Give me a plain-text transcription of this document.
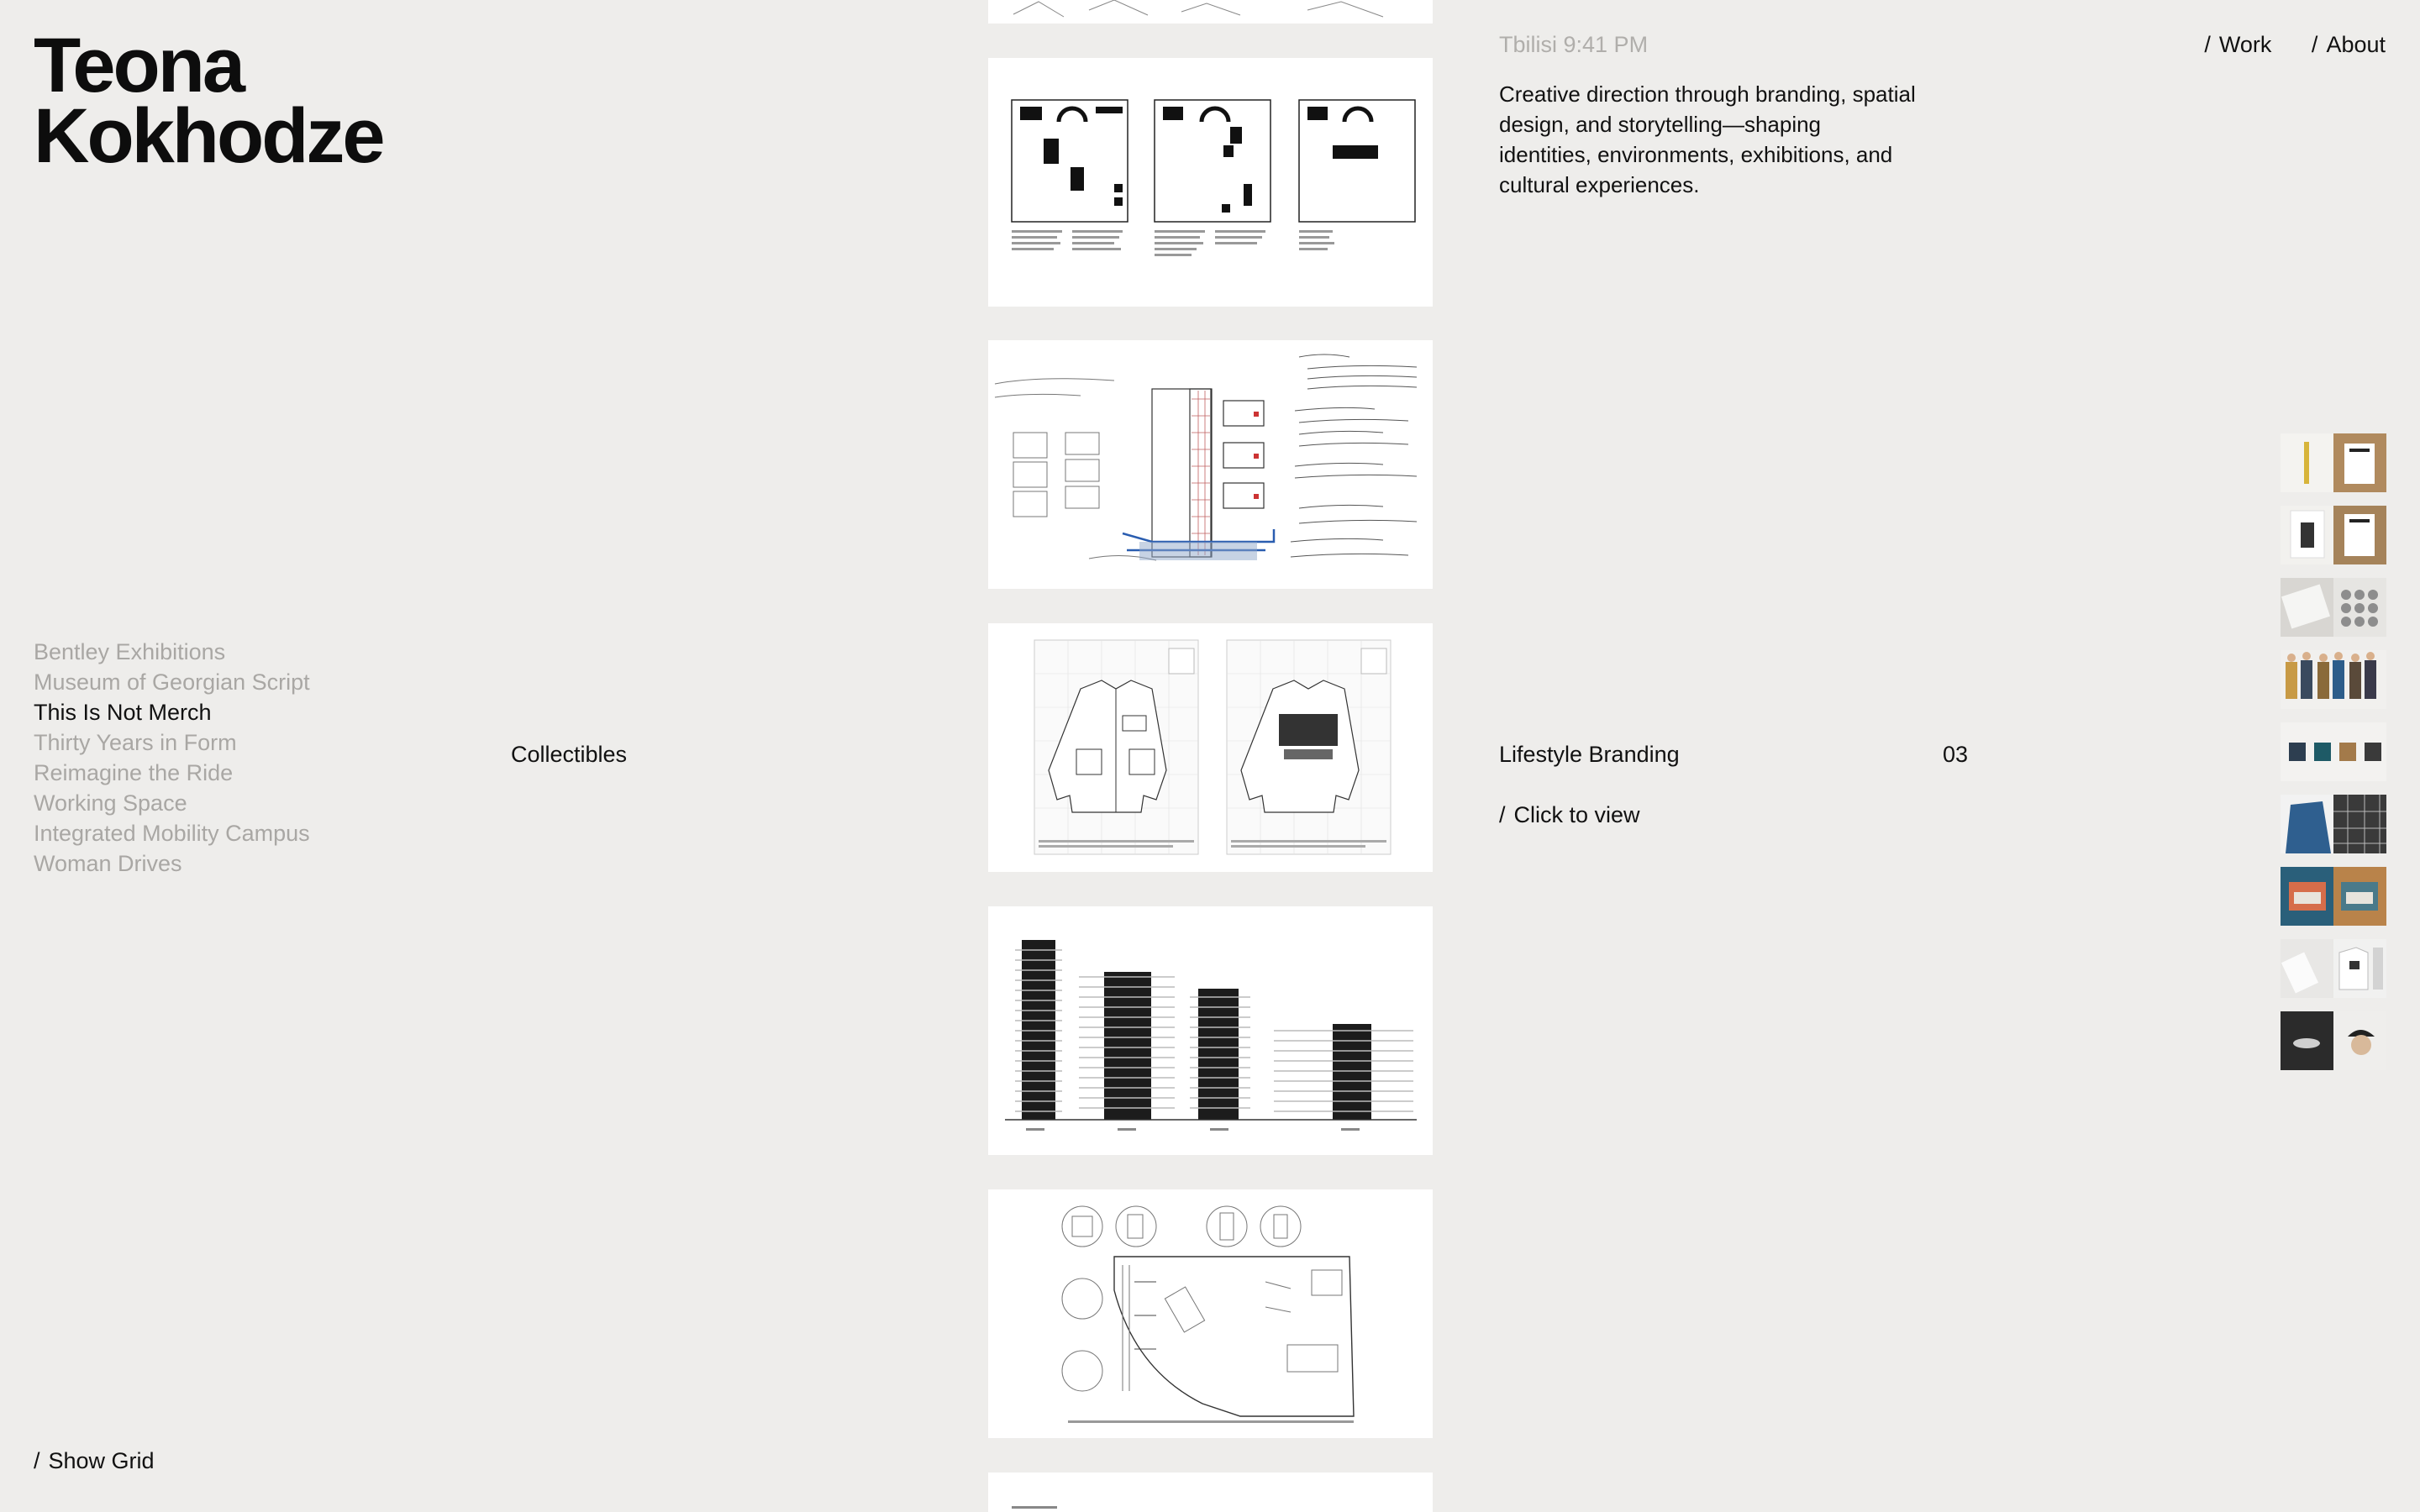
Teona
Kokhodze
Bentley Exhibitions
Museum of Georgian Script
This Is Not Merch
Thirty Years in Form
Reimagine the Ride
Working Space
Integrated Mobility Campus
Woman Drives
/ Show Grid
Collectibles
Tbilisi 9:41 PM
Creative direction through branding, spatial design, and storytelling—shaping identities, environments, exhibitions, and cultural experiences.
/ Work / About
Lifestyle Branding	03
/ Click to view
